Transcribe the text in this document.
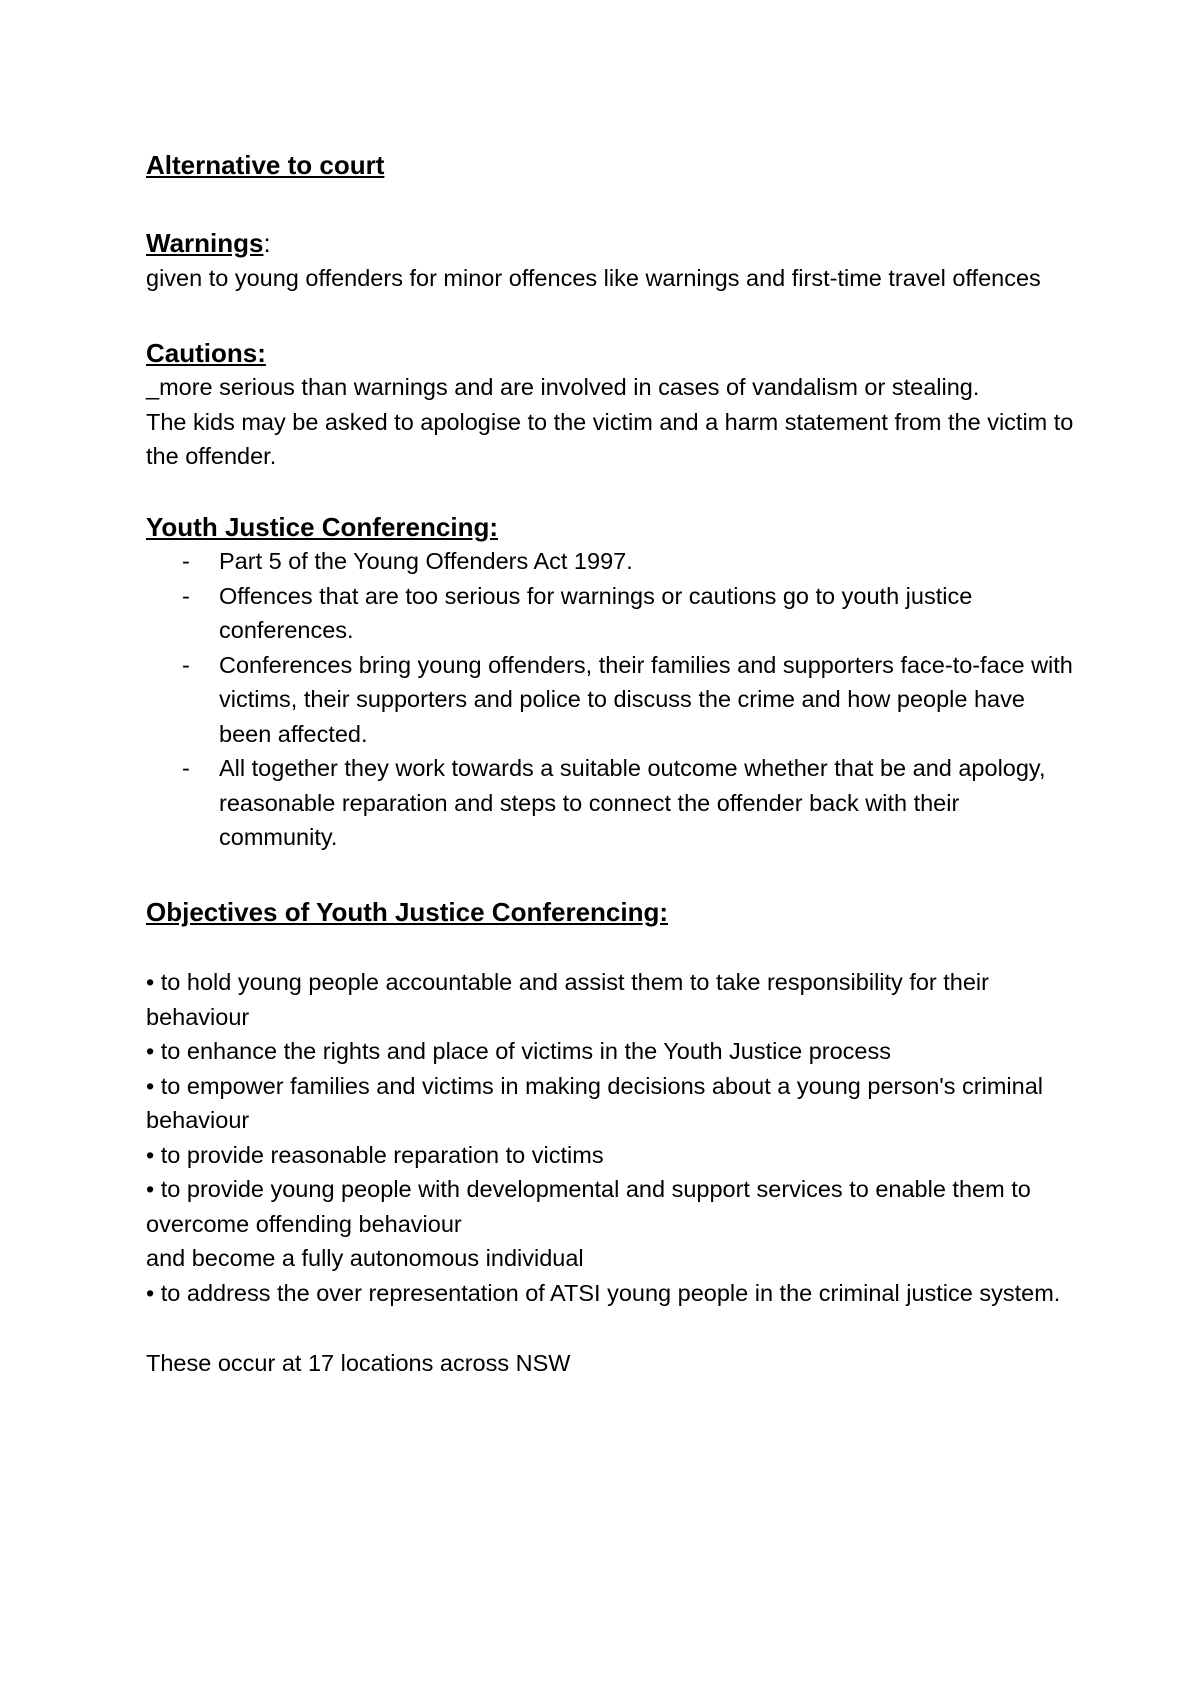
Alternative to court

Warnings:

given to young offenders for minor offences like warnings and first-time travel offences

Cautions:

_more serious than warnings and are involved in cases of vandalism or stealing.

The kids may be asked to apologise to the victim and a harm statement from the victim to the offender.

Youth Justice Conferencing:

- Part 5 of the Young Offenders Act 1997.
- Offences that are too serious for warnings or cautions go to youth justice conferences.
- Conferences bring young offenders, their families and supporters face-to-face with victims, their supporters and police to discuss the crime and how people have been affected.
- All together they work towards a suitable outcome whether that be and apology, reasonable reparation and steps to connect the offender back with their community.

Objectives of Youth Justice Conferencing:

• to hold young people accountable and assist them to take responsibility for their behaviour

• to enhance the rights and place of victims in the Youth Justice process

• to empower families and victims in making decisions about a young person's criminal behaviour

• to provide reasonable reparation to victims

• to provide young people with developmental and support services to enable them to overcome offending behaviour

and become a fully autonomous individual

• to address the over representation of ATSI young people in the criminal justice system.

These occur at 17 locations across NSW
